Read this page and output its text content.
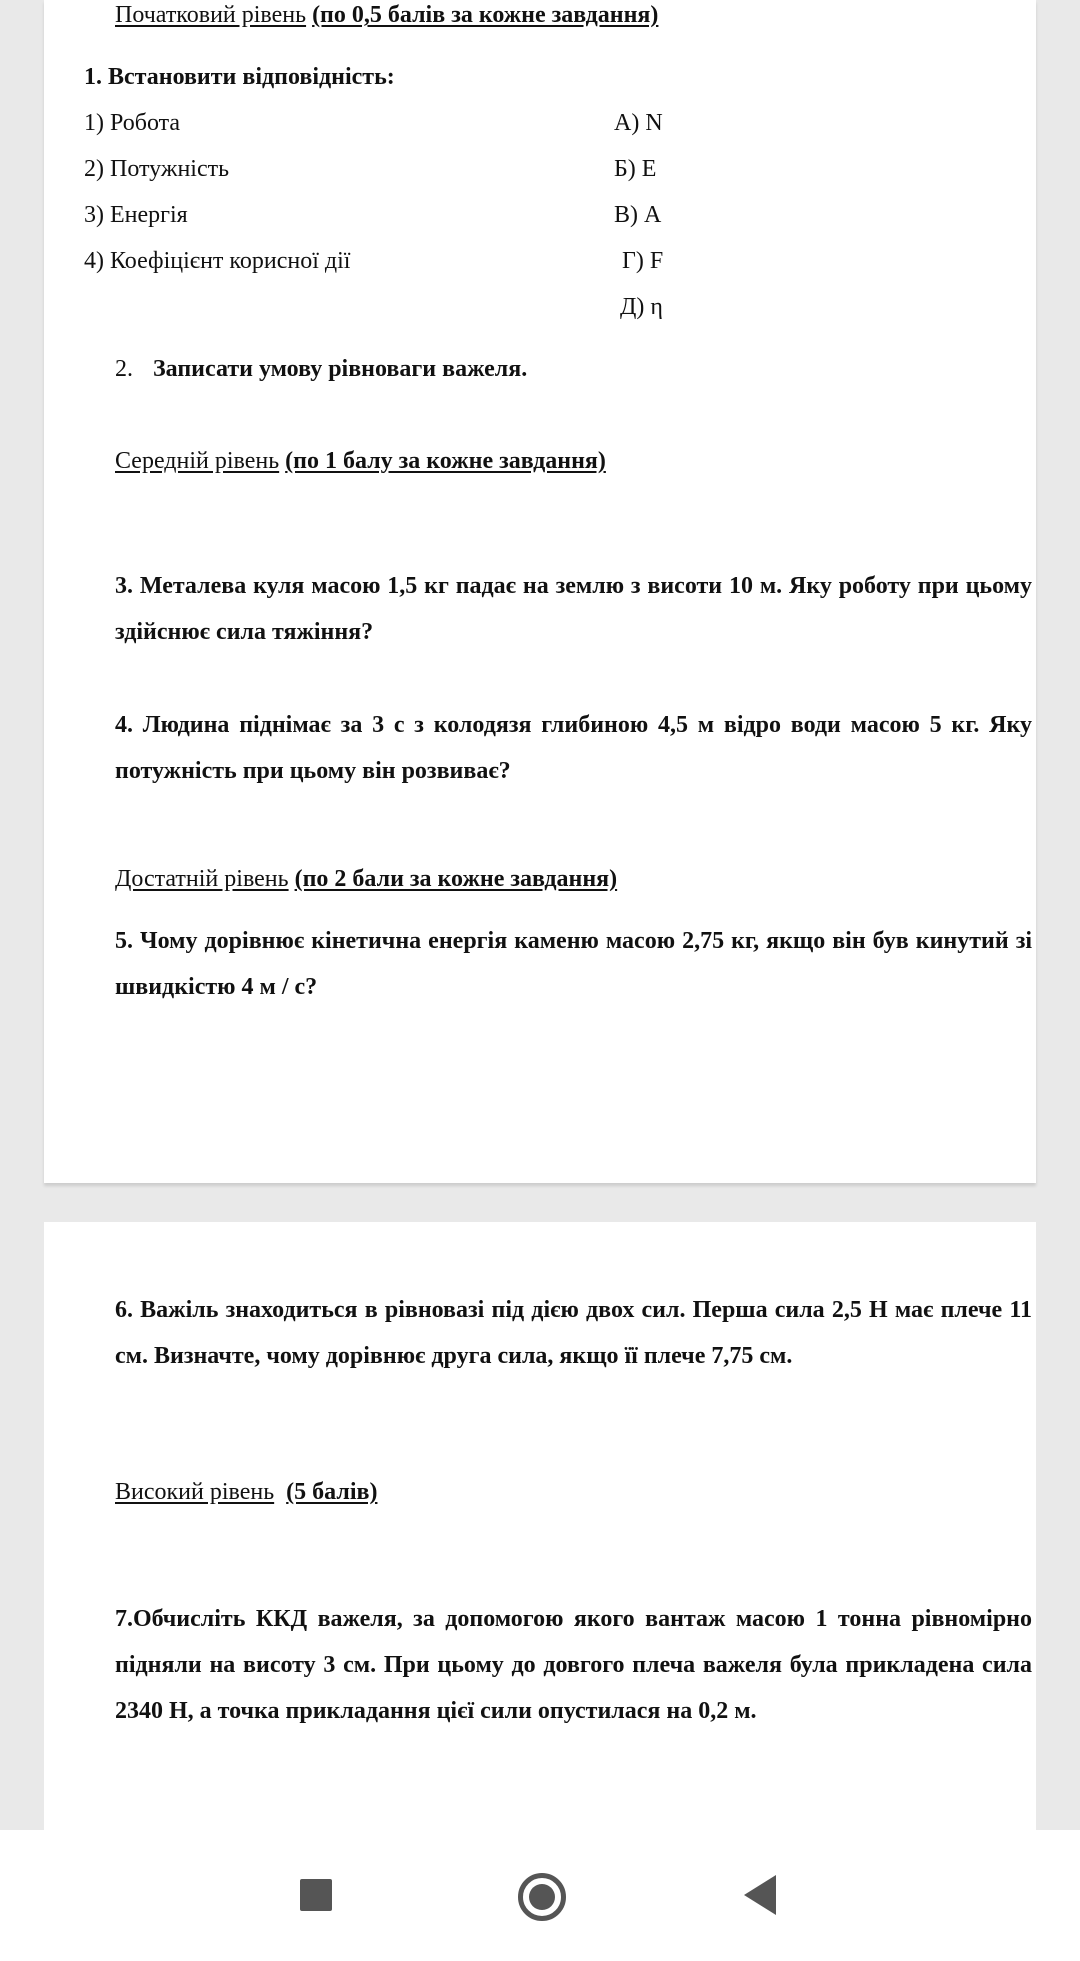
Початковий рівень (по 0,5 балів за кожне завдання)
1. Встановити відповідність:
1) Робота
2) Потужність
3) Енергія
4) Коефіцієнт корисної дії
А) N
Б) E
В) A
Г) F
Д) η
2. Записати умову рівноваги важеля.
Середній рівень (по 1 балу за кожне завдання)
3. Металева куля масою 1,5 кг падає на землю з висоти 10 м. Яку роботу при цьому здійснює сила тяжіння?
4. Людина піднімає за 3 с з колодязя глибиною 4,5 м відро води масою 5 кг. Яку потужність при цьому він розвиває?
Достатній рівень (по 2 бали за кожне завдання)
5. Чому дорівнює кінетична енергія каменю масою 2,75 кг, якщо він був кинутий зі швидкістю 4 м / с?
6. Важіль знаходиться в рівновазі під дією двох сил. Перша сила 2,5 Н має плече 11 см. Визначте, чому дорівнює друга сила, якщо її плече 7,75 см.
Високий рівень (5 балів)
7.Обчисліть ККД важеля, за допомогою якого вантаж масою 1 тонна рівномірно підняли на висоту 3 см. При цьому до довгого плеча важеля була прикладена сила 2340 Н, а точка прикладання цієї сили опустилася на 0,2 м.
